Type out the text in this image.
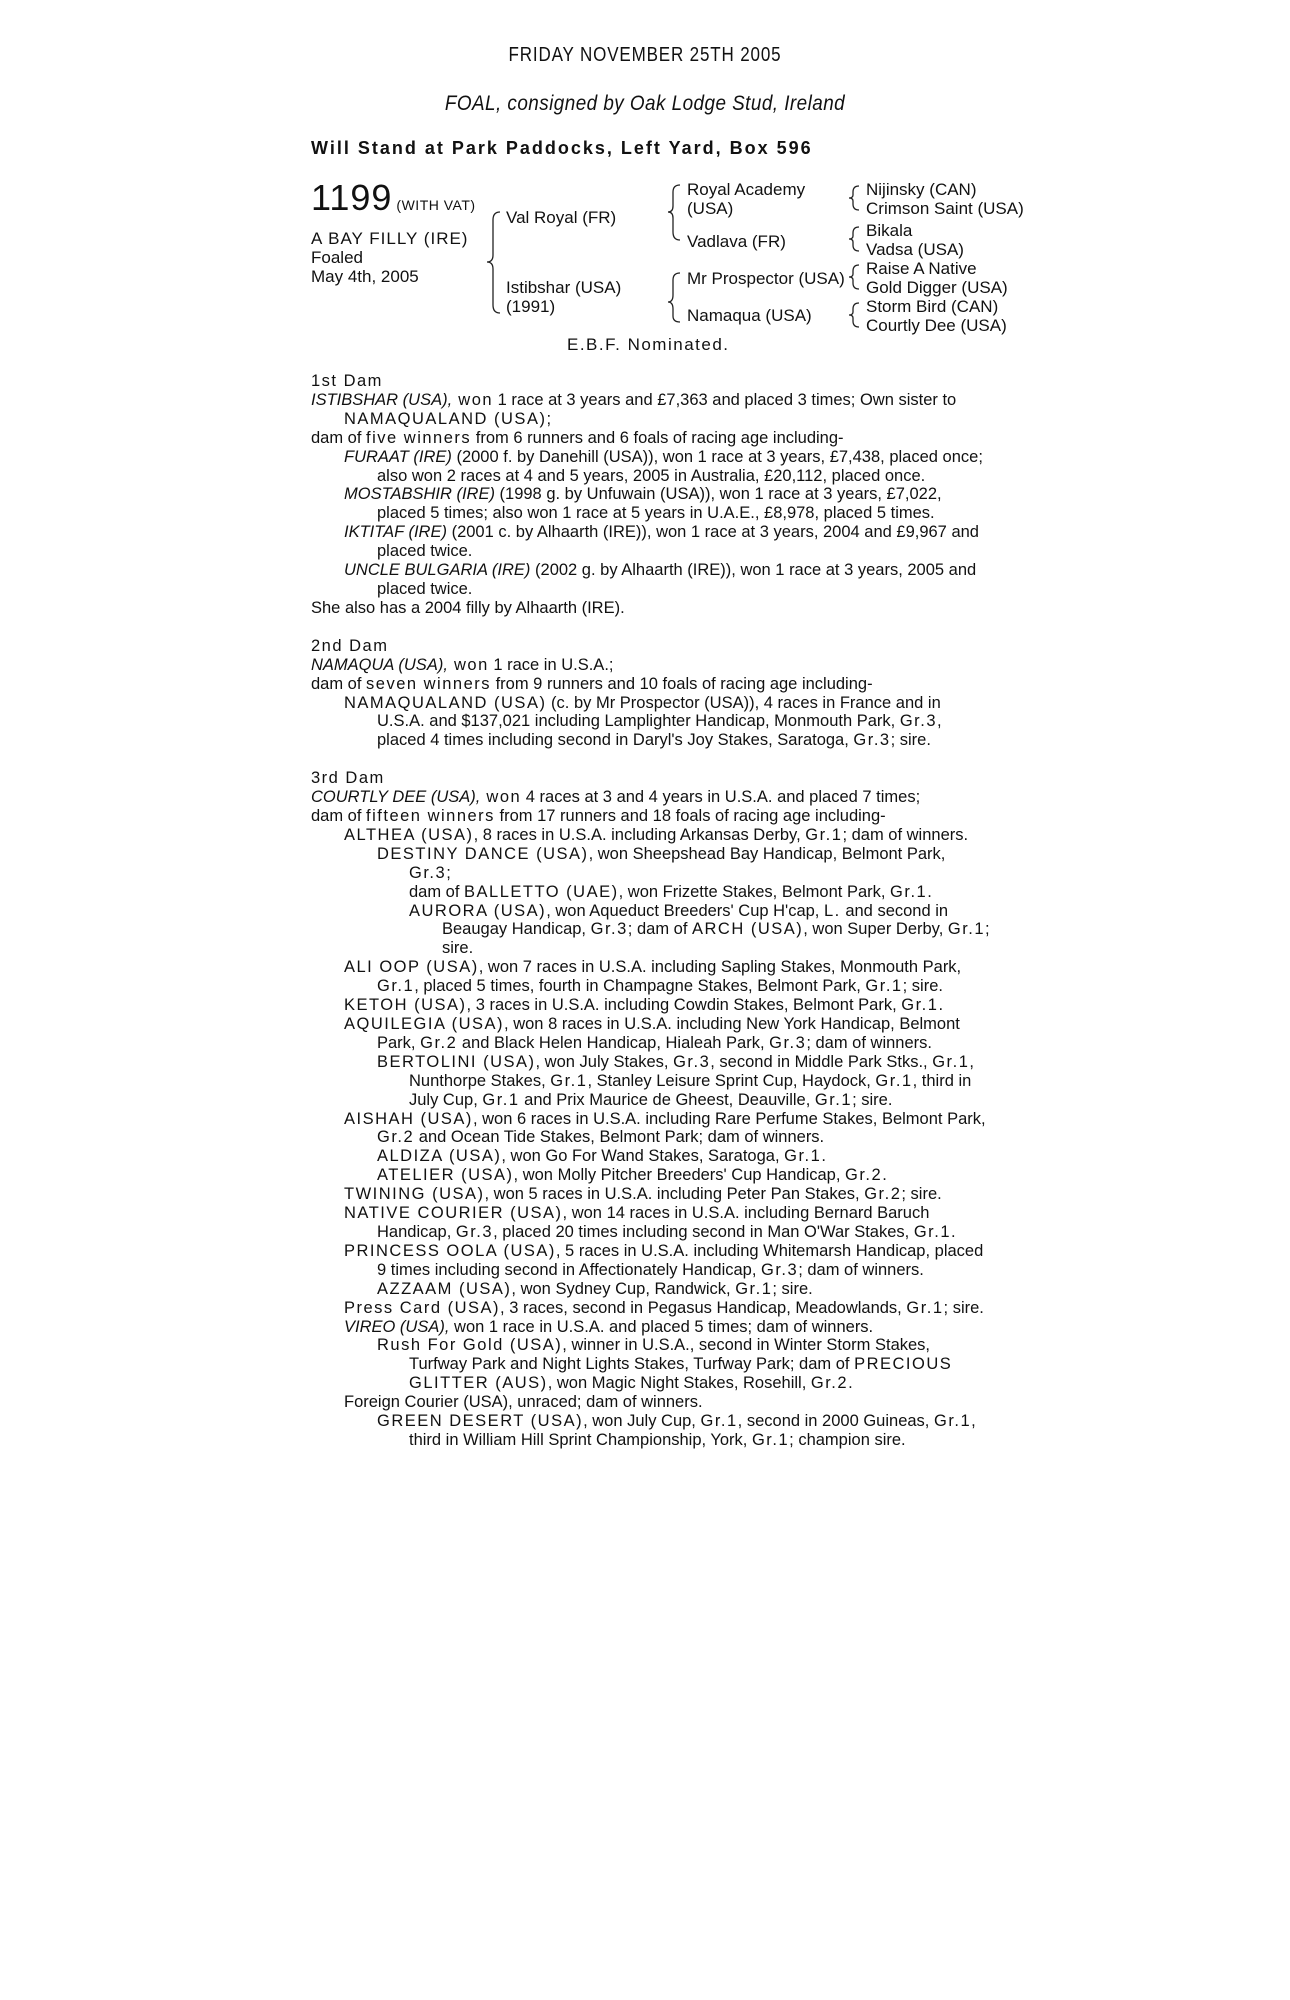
FRIDAY NOVEMBER 25TH 2005
FOAL, consigned by Oak Lodge Stud, Ireland
Will Stand at Park Paddocks, Left Yard, Box 596
1199 (WITH VAT)
A BAY FILLY (IRE)
Foaled
May 4th, 2005
Val Royal (FR)
Istibshar (USA)
(1991)
Royal Academy
(USA)
Vadlava (FR)
Mr Prospector (USA)
Namaqua (USA)
Nijinsky (CAN)
Crimson Saint (USA)
Bikala
Vadsa (USA)
Raise A Native
Gold Digger (USA)
Storm Bird (CAN)
Courtly Dee (USA)
E.B.F. Nominated.

1st Dam

ISTIBSHAR (USA), won 1 race at 3 years and £7,363 and placed 3 times; Own sister to NAMAQUALAND (USA);

dam of five winners from 6 runners and 6 foals of racing age including-

FURAAT (IRE) (2000 f. by Danehill (USA)), won 1 race at 3 years, £7,438, placed once; also won 2 races at 4 and 5 years, 2005 in Australia, £20,112, placed once.

MOSTABSHIR (IRE) (1998 g. by Unfuwain (USA)), won 1 race at 3 years, £7,022, placed 5 times; also won 1 race at 5 years in U.A.E., £8,978, placed 5 times.

IKTITAF (IRE) (2001 c. by Alhaarth (IRE)), won 1 race at 3 years, 2004 and £9,967 and placed twice.

UNCLE BULGARIA (IRE) (2002 g. by Alhaarth (IRE)), won 1 race at 3 years, 2005 and placed twice.

She also has a 2004 filly by Alhaarth (IRE).

2nd Dam

NAMAQUA (USA), won 1 race in U.S.A.;

dam of seven winners from 9 runners and 10 foals of racing age including-

NAMAQUALAND (USA) (c. by Mr Prospector (USA)), 4 races in France and in U.S.A. and $137,021 including Lamplighter Handicap, Monmouth Park, Gr.3, placed 4 times including second in Daryl's Joy Stakes, Saratoga, Gr.3; sire.

3rd Dam

COURTLY DEE (USA), won 4 races at 3 and 4 years in U.S.A. and placed 7 times;

dam of fifteen winners from 17 runners and 18 foals of racing age including-

ALTHEA (USA), 8 races in U.S.A. including Arkansas Derby, Gr.1; dam of winners.

DESTINY DANCE (USA), won Sheepshead Bay Handicap, Belmont Park, Gr.3;

dam of BALLETTO (UAE), won Frizette Stakes, Belmont Park, Gr.1.

AURORA (USA), won Aqueduct Breeders' Cup H'cap, L. and second in Beaugay Handicap, Gr.3; dam of ARCH (USA), won Super Derby, Gr.1; sire.

ALI OOP (USA), won 7 races in U.S.A. including Sapling Stakes, Monmouth Park, Gr.1, placed 5 times, fourth in Champagne Stakes, Belmont Park, Gr.1; sire.

KETOH (USA), 3 races in U.S.A. including Cowdin Stakes, Belmont Park, Gr.1.

AQUILEGIA (USA), won 8 races in U.S.A. including New York Handicap, Belmont Park, Gr.2 and Black Helen Handicap, Hialeah Park, Gr.3; dam of winners.

BERTOLINI (USA), won July Stakes, Gr.3, second in Middle Park Stks., Gr.1, Nunthorpe Stakes, Gr.1, Stanley Leisure Sprint Cup, Haydock, Gr.1, third in July Cup, Gr.1 and Prix Maurice de Gheest, Deauville, Gr.1; sire.

AISHAH (USA), won 6 races in U.S.A. including Rare Perfume Stakes, Belmont Park, Gr.2 and Ocean Tide Stakes, Belmont Park; dam of winners.

ALDIZA (USA), won Go For Wand Stakes, Saratoga, Gr.1.

ATELIER (USA), won Molly Pitcher Breeders' Cup Handicap, Gr.2.

TWINING (USA), won 5 races in U.S.A. including Peter Pan Stakes, Gr.2; sire.

NATIVE COURIER (USA), won 14 races in U.S.A. including Bernard Baruch Handicap, Gr.3, placed 20 times including second in Man O'War Stakes, Gr.1.

PRINCESS OOLA (USA), 5 races in U.S.A. including Whitemarsh Handicap, placed 9 times including second in Affectionately Handicap, Gr.3; dam of winners.

AZZAAM (USA), won Sydney Cup, Randwick, Gr.1; sire.

Press Card (USA), 3 races, second in Pegasus Handicap, Meadowlands, Gr.1; sire.

VIREO (USA), won 1 race in U.S.A. and placed 5 times; dam of winners.

Rush For Gold (USA), winner in U.S.A., second in Winter Storm Stakes, Turfway Park and Night Lights Stakes, Turfway Park; dam of PRECIOUS GLITTER (AUS), won Magic Night Stakes, Rosehill, Gr.2.

Foreign Courier (USA), unraced; dam of winners.

GREEN DESERT (USA), won July Cup, Gr.1, second in 2000 Guineas, Gr.1, third in William Hill Sprint Championship, York, Gr.1; champion sire.
